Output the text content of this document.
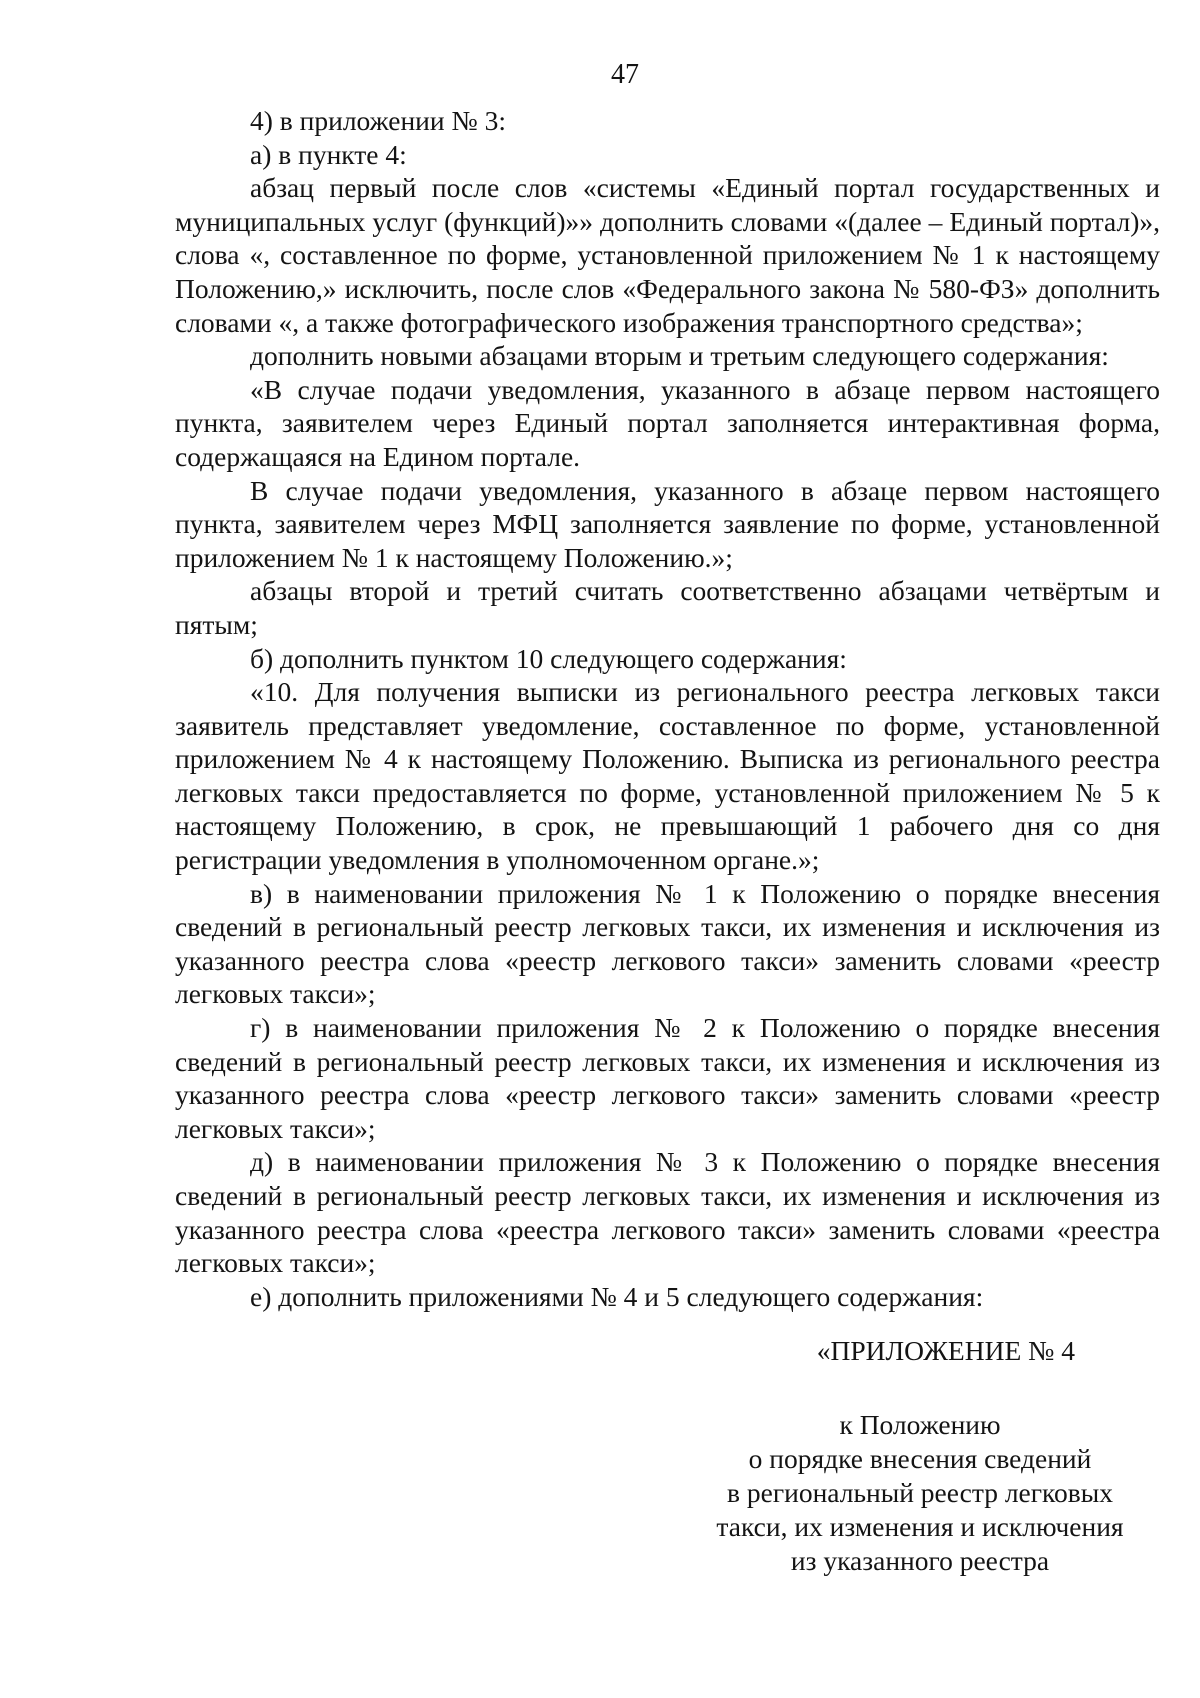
47

4) в приложении № 3:

а) в пункте 4:

абзац первый после слов «системы «Единый портал государственных и муниципальных услуг (функций)»» дополнить словами «(далее – Единый портал)», слова «, составленное по форме, установленной приложением № 1 к настоящему Положению,» исключить, после слов «Федерального закона № 580-ФЗ» дополнить словами «, а также фотографического изображения транспортного средства»;

дополнить новыми абзацами вторым и третьим следующего содержания:

«В случае подачи уведомления, указанного в абзаце первом настоящего пункта, заявителем через Единый портал заполняется интерактивная форма, содержащаяся на Едином портале.

В случае подачи уведомления, указанного в абзаце первом настоящего пункта, заявителем через МФЦ заполняется заявление по форме, установленной приложением № 1 к настоящему Положению.»;

абзацы второй и третий считать соответственно абзацами четвёртым и пятым;

б) дополнить пунктом 10 следующего содержания:

«10. Для получения выписки из регионального реестра легковых такси заявитель представляет уведомление, составленное по форме, установленной приложением № 4 к настоящему Положению. Выписка из регионального реестра легковых такси предоставляется по форме, установленной приложением № 5 к настоящему Положению, в срок, не превышающий 1 рабочего дня со дня регистрации уведомления в уполномоченном органе.»;

в) в наименовании приложения № 1 к Положению о порядке внесения сведений в региональный реестр легковых такси, их изменения и исключения из указанного реестра слова «реестр легкового такси» заменить словами «реестр легковых такси»;

г) в наименовании приложения № 2 к Положению о порядке внесения сведений в региональный реестр легковых такси, их изменения и исключения из указанного реестра слова «реестр легкового такси» заменить словами «реестр легковых такси»;

д) в наименовании приложения № 3 к Положению о порядке внесения сведений в региональный реестр легковых такси, их изменения и исключения из указанного реестра слова «реестра легкового такси» заменить словами «реестра легковых такси»;

е) дополнить приложениями № 4 и 5 следующего содержания:

«ПРИЛОЖЕНИЕ № 4
к Положению
о порядке внесения сведений
в региональный реестр легковых
такси, их изменения и исключения
из указанного реестра
